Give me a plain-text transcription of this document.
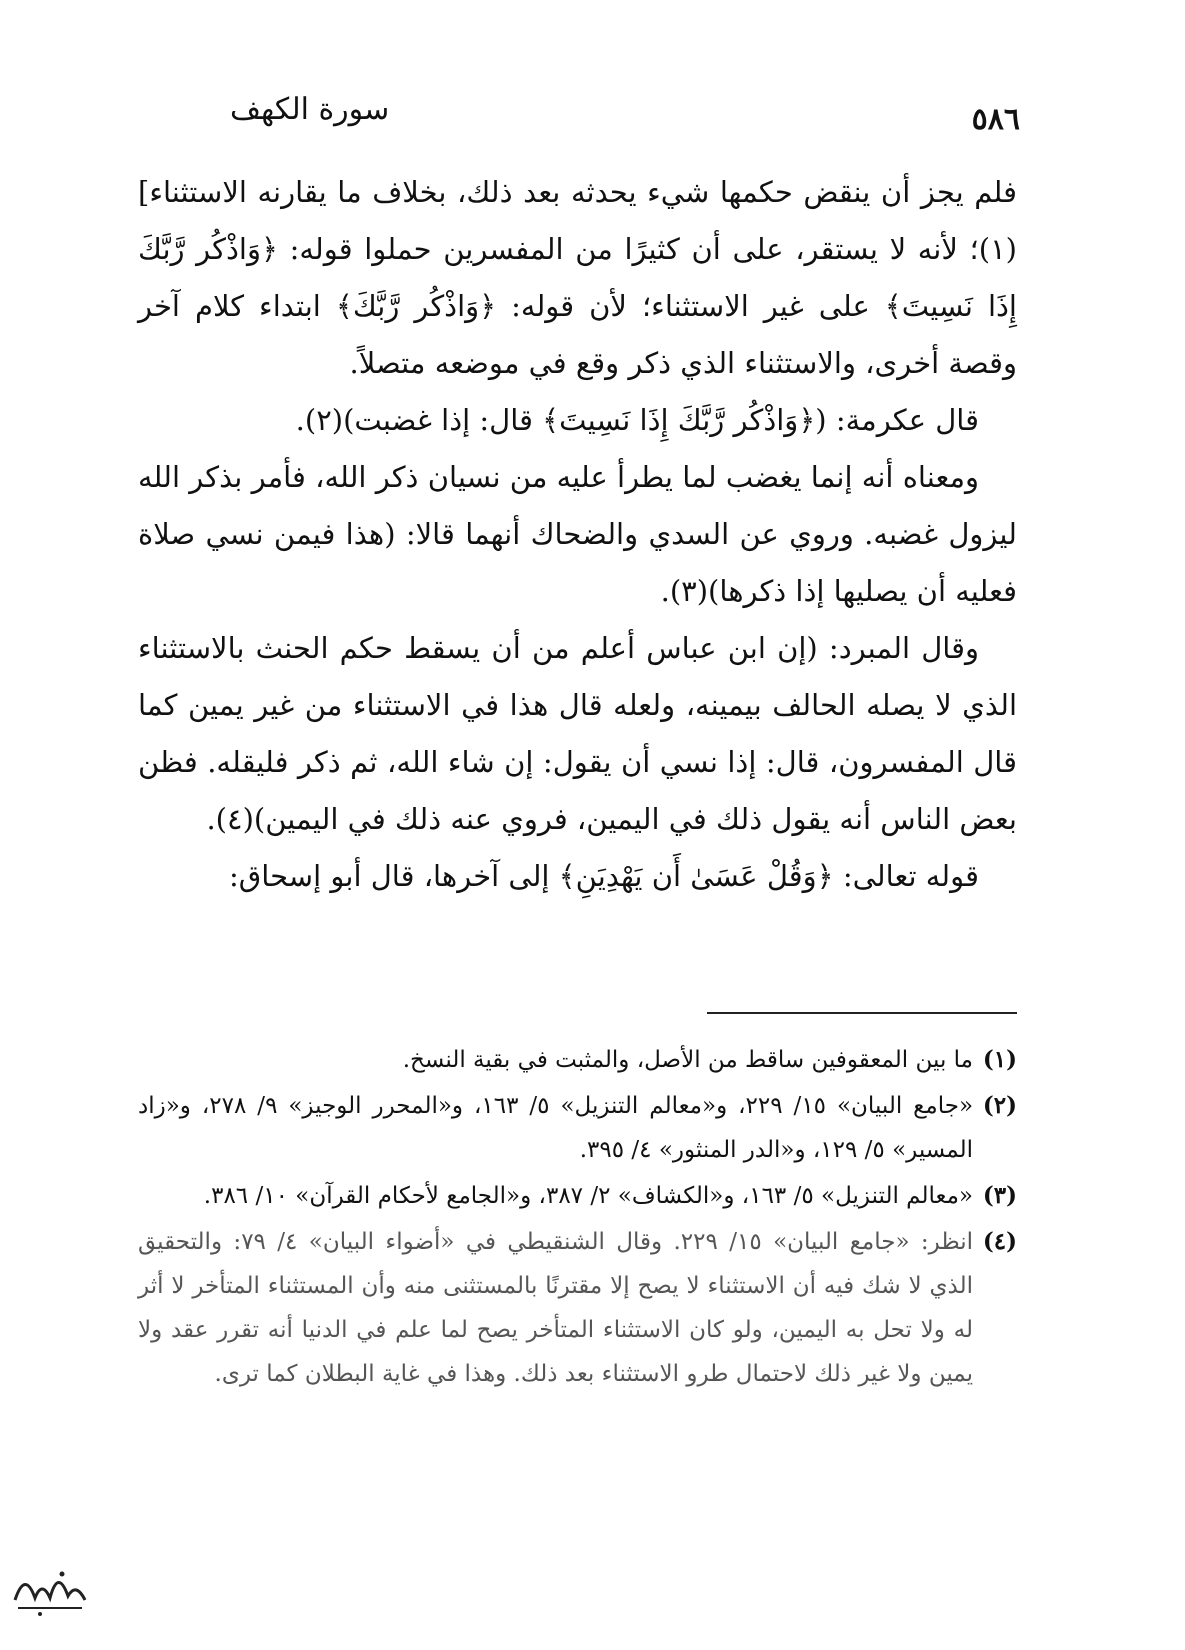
٥٨٦
سورة الكهف

فلم يجز أن ينقض حكمها شيء يحدثه بعد ذلك، بخلاف ما يقارنه الاستثناء](١)؛ لأنه لا يستقر، على أن كثيرًا من المفسرين حملوا قوله: ﴿وَاذْكُر رَّبَّكَ إِذَا نَسِيتَ﴾ على غير الاستثناء؛ لأن قوله: ﴿وَاذْكُر رَّبَّكَ﴾ ابتداء كلام آخر وقصة أخرى، والاستثناء الذي ذكر وقع في موضعه متصلاً.

قال عكرمة: (﴿وَاذْكُر رَّبَّكَ إِذَا نَسِيتَ﴾ قال: إذا غضبت)(٢).

ومعناه أنه إنما يغضب لما يطرأ عليه من نسيان ذكر الله، فأمر بذكر الله ليزول غضبه. وروي عن السدي والضحاك أنهما قالا: (هذا فيمن نسي صلاة فعليه أن يصليها إذا ذكرها)(٣).

وقال المبرد: (إن ابن عباس أعلم من أن يسقط حكم الحنث بالاستثناء الذي لا يصله الحالف بيمينه، ولعله قال هذا في الاستثناء من غير يمين كما قال المفسرون، قال: إذا نسي أن يقول: إن شاء الله، ثم ذكر فليقله. فظن بعض الناس أنه يقول ذلك في اليمين، فروي عنه ذلك في اليمين)(٤).

قوله تعالى: ﴿وَقُلْ عَسَىٰ أَن يَهْدِيَنِ﴾ إلى آخرها، قال أبو إسحاق:

(١)
ما بين المعقوفين ساقط من الأصل، والمثبت في بقية النسخ.
(٢)
«جامع البيان» ١٥/ ٢٢٩، و«معالم التنزيل» ٥/ ١٦٣، و«المحرر الوجيز» ٩/ ٢٧٨، و«زاد المسير» ٥/ ١٢٩، و«الدر المنثور» ٤/ ٣٩٥.
(٣)
«معالم التنزيل» ٥/ ١٦٣، و«الكشاف» ٢/ ٣٨٧، و«الجامع لأحكام القرآن» ١٠/ ٣٨٦.
(٤)
انظر: «جامع البيان» ١٥/ ٢٢٩. وقال الشنقيطي في «أضواء البيان» ٤/ ٧٩: والتحقيق الذي لا شك فيه أن الاستثناء لا يصح إلا مقترنًا بالمستثنى منه وأن المستثناء المتأخر لا أثر له ولا تحل به اليمين، ولو كان الاستثناء المتأخر يصح لما علم في الدنيا أنه تقرر عقد ولا يمين ولا غير ذلك لاحتمال طرو الاستثناء بعد ذلك. وهذا في غاية البطلان كما ترى.
